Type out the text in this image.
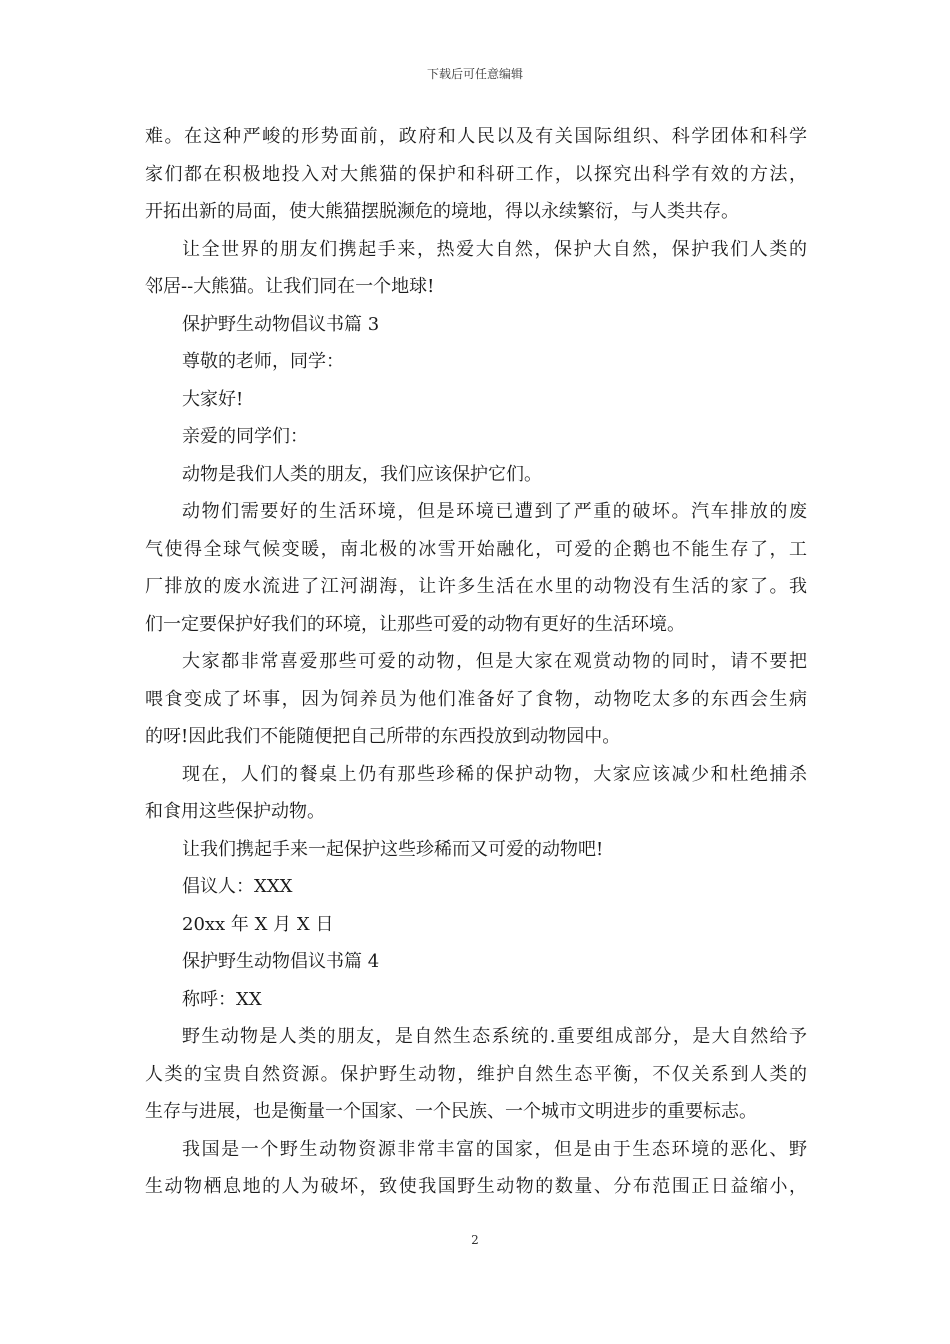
下载后可任意编辑
难。在这种严峻的形势面前，政府和人民以及有关国际组织、科学团体和科学
家们都在积极地投入对大熊猫的保护和科研工作，以探究出科学有效的方法，
开拓出新的局面，使大熊猫摆脱濒危的境地，得以永续繁衍，与人类共存。
让全世界的朋友们携起手来，热爱大自然，保护大自然，保护我们人类的
邻居--大熊猫。让我们同在一个地球!
保护野生动物倡议书篇 3
尊敬的老师，同学：
大家好!
亲爱的同学们：
动物是我们人类的朋友，我们应该保护它们。
动物们需要好的生活环境，但是环境已遭到了严重的破坏。汽车排放的废
气使得全球气候变暖，南北极的冰雪开始融化，可爱的企鹅也不能生存了，工
厂排放的废水流进了江河湖海，让许多生活在水里的动物没有生活的家了。我
们一定要保护好我们的环境，让那些可爱的动物有更好的生活环境。
大家都非常喜爱那些可爱的动物，但是大家在观赏动物的同时，请不要把
喂食变成了坏事，因为饲养员为他们准备好了食物，动物吃太多的东西会生病
的呀!因此我们不能随便把自己所带的东西投放到动物园中。
现在，人们的餐桌上仍有那些珍稀的保护动物，大家应该减少和杜绝捕杀
和食用这些保护动物。
让我们携起手来一起保护这些珍稀而又可爱的动物吧!
倡议人：XXX
20xx 年 X 月 X 日
保护野生动物倡议书篇 4
称呼：XX
野生动物是人类的朋友，是自然生态系统的.重要组成部分，是大自然给予
人类的宝贵自然资源。保护野生动物，维护自然生态平衡，不仅关系到人类的
生存与进展，也是衡量一个国家、一个民族、一个城市文明进步的重要标志。
我国是一个野生动物资源非常丰富的国家，但是由于生态环境的恶化、野
生动物栖息地的人为破坏，致使我国野生动物的数量、分布范围正日益缩小，
2
